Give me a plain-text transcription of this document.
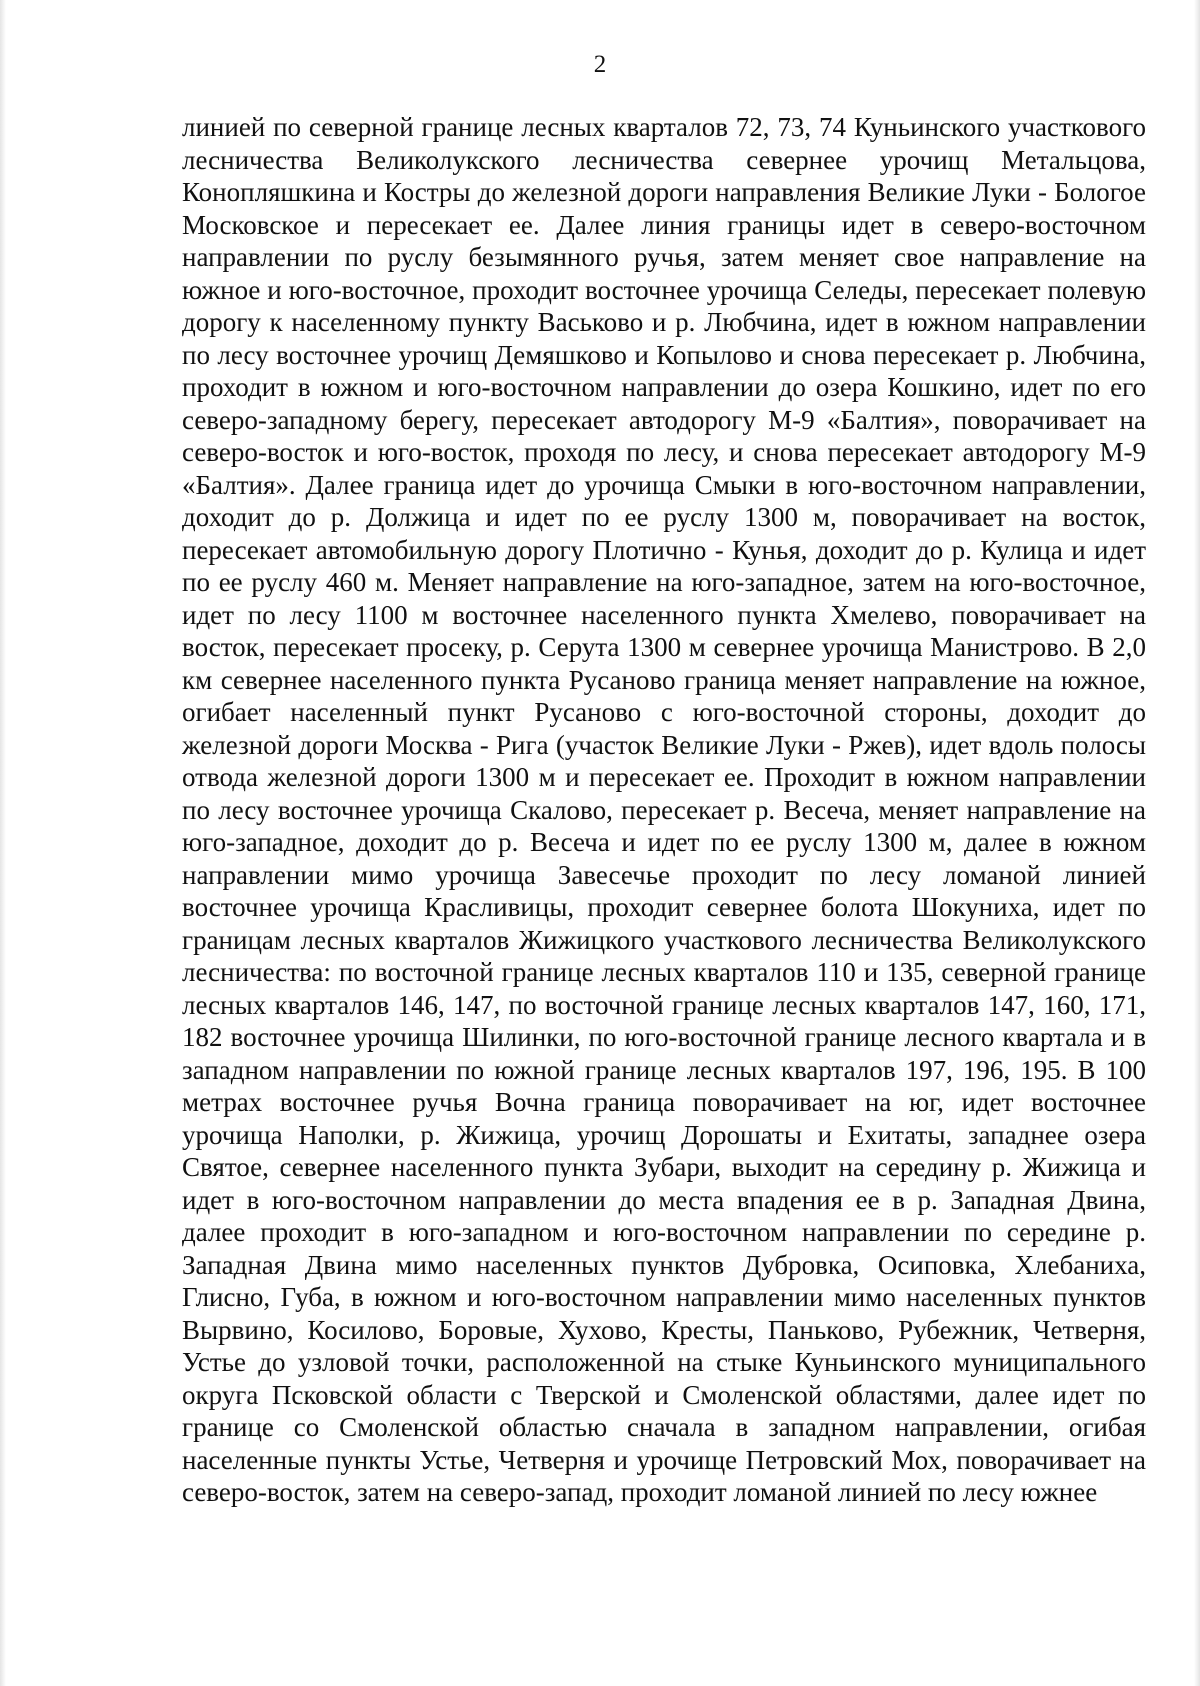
2

линией по северной границе лесных кварталов 72, 73, 74 Куньинского участкового лесничества Великолукского лесничества севернее урочищ Метальцова, Конопляшкина и Костры до железной дороги направления Великие Луки - Бологое Московское и пересекает ее. Далее линия границы идет в северо-восточном направлении по руслу безымянного ручья, затем меняет свое направление на южное и юго-восточное, проходит восточнее урочища Селеды, пересекает полевую дорогу к населенному пункту Васьково и р. Любчина, идет в южном направлении по лесу восточнее урочищ Демяшково и Копылово и снова пересекает р. Любчина, проходит в южном и юго-восточном направлении до озера Кошкино, идет по его северо-западному берегу, пересекает автодорогу М-9 «Балтия», поворачивает на северо-восток и юго-восток, проходя по лесу, и снова пересекает автодорогу М-9 «Балтия». Далее граница идет до урочища Смыки в юго-восточном направлении, доходит до р. Должица и идет по ее руслу 1300 м, поворачивает на восток, пересекает автомобильную дорогу Плотично - Кунья, доходит до р. Кулица и идет по ее руслу 460 м. Меняет направление на юго-западное, затем на юго-восточное, идет по лесу 1100 м восточнее населенного пункта Хмелево, поворачивает на восток, пересекает просеку, р. Серута 1300 м севернее урочища Манистрово. В 2,0 км севернее населенного пункта Русаново граница меняет направление на южное, огибает населенный пункт Русаново с юго-восточной стороны, доходит до железной дороги Москва - Рига (участок Великие Луки - Ржев), идет вдоль полосы отвода железной дороги 1300 м и пересекает ее. Проходит в южном направлении по лесу восточнее урочища Скалово, пересекает р. Весеча, меняет направление на юго-западное, доходит до р. Весеча и идет по ее руслу 1300 м, далее в южном направлении мимо урочища Завесечье проходит по лесу ломаной линией восточнее урочища Красливицы, проходит севернее болота Шокуниха, идет по границам лесных кварталов Жижицкого участкового лесничества Великолукского лесничества: по восточной границе лесных кварталов 110 и 135, северной границе лесных кварталов 146, 147, по восточной границе лесных кварталов 147, 160, 171, 182 восточнее урочища Шилинки, по юго-восточной границе лесного квартала и в западном направлении по южной границе лесных кварталов 197, 196, 195. В 100 метрах восточнее ручья Вочна граница поворачивает на юг, идет восточнее урочища Наполки, р. Жижица, урочищ Дорошаты и Ехитаты, западнее озера Святое, севернее населенного пункта Зубари, выходит на середину р. Жижица и идет в юго-восточном направлении до места впадения ее в р. Западная Двина, далее проходит в юго-западном и юго-восточном направлении по середине р. Западная Двина мимо населенных пунктов Дубровка, Осиповка, Хлебаниха, Глисно, Губа, в южном и юго-восточном направлении мимо населенных пунктов Вырвино, Косилово, Боровые, Хухово, Кресты, Паньково, Рубежник, Четверня, Устье до узловой точки, расположенной на стыке Куньинского муниципального округа Псковской области с Тверской и Смоленской областями, далее идет по границе со Смоленской областью сначала в западном направлении, огибая населенные пункты Устье, Четверня и урочище Петровский Мох, поворачивает на северо-восток, затем на северо-запад, проходит ломаной линией по лесу южнее
